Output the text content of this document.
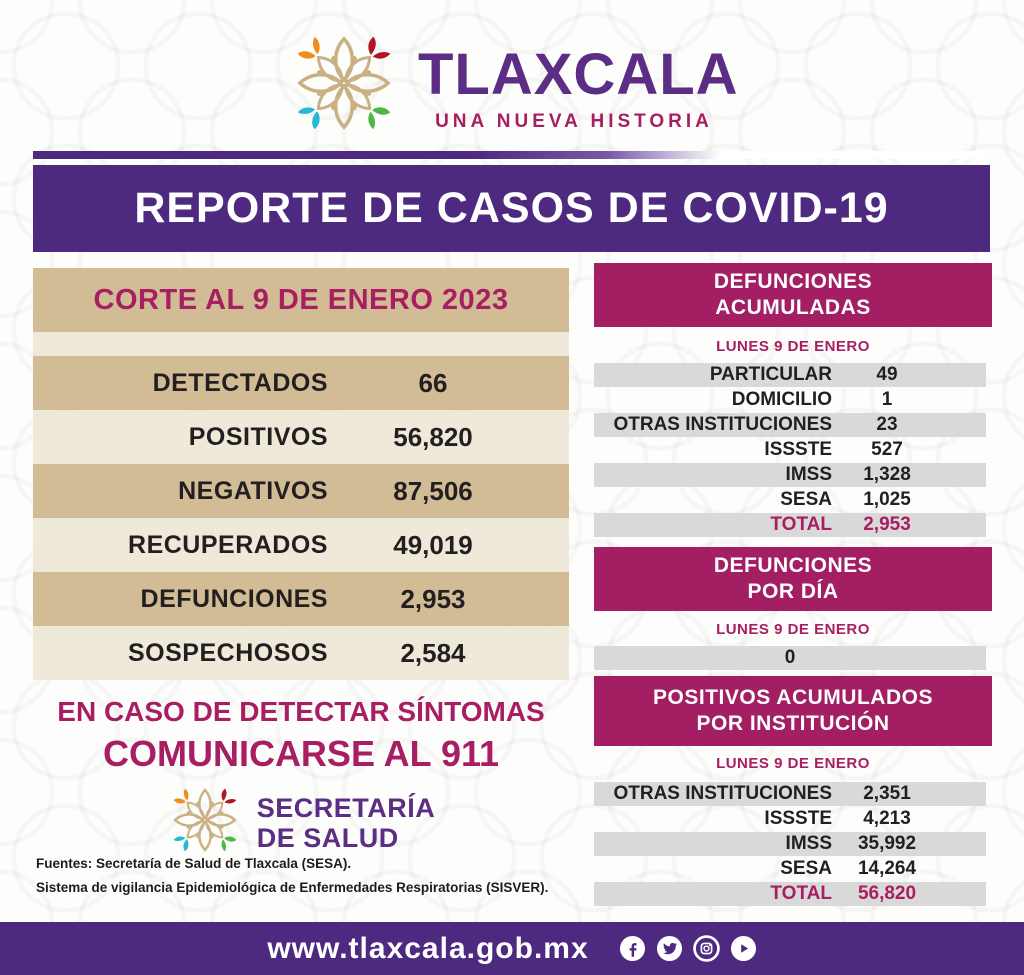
TLAXCALA
UNA NUEVA HISTORIA
REPORTE DE CASOS DE COVID-19
CORTE AL 9 DE ENERO 2023
DETECTADOS	66
POSITIVOS	56,820
NEGATIVOS	87,506
RECUPERADOS	49,019
DEFUNCIONES	2,953
SOSPECHOSOS	2,584
DEFUNCIONES
ACUMULADAS
LUNES 9 DE ENERO
PARTICULAR	49
DOMICILIO	1
OTRAS INSTITUCIONES	23
ISSSTE	527
IMSS	1,328
SESA	1,025
TOTAL	2,953
DEFUNCIONES
POR DÍA
LUNES 9 DE ENERO
0
POSITIVOS ACUMULADOS
POR INSTITUCIÓN
LUNES 9 DE ENERO
OTRAS INSTITUCIONES	2,351
ISSSTE	4,213
IMSS	35,992
SESA	14,264
TOTAL	56,820
EN CASO DE DETECTAR SÍNTOMAS
COMUNICARSE AL 911
SECRETARÍA
DE SALUD
Fuentes: Secretaría de Salud de Tlaxcala (SESA).
Sistema de vigilancia Epidemiológica de Enfermedades Respiratorias (SISVER).
www.tlaxcala.gob.mx
